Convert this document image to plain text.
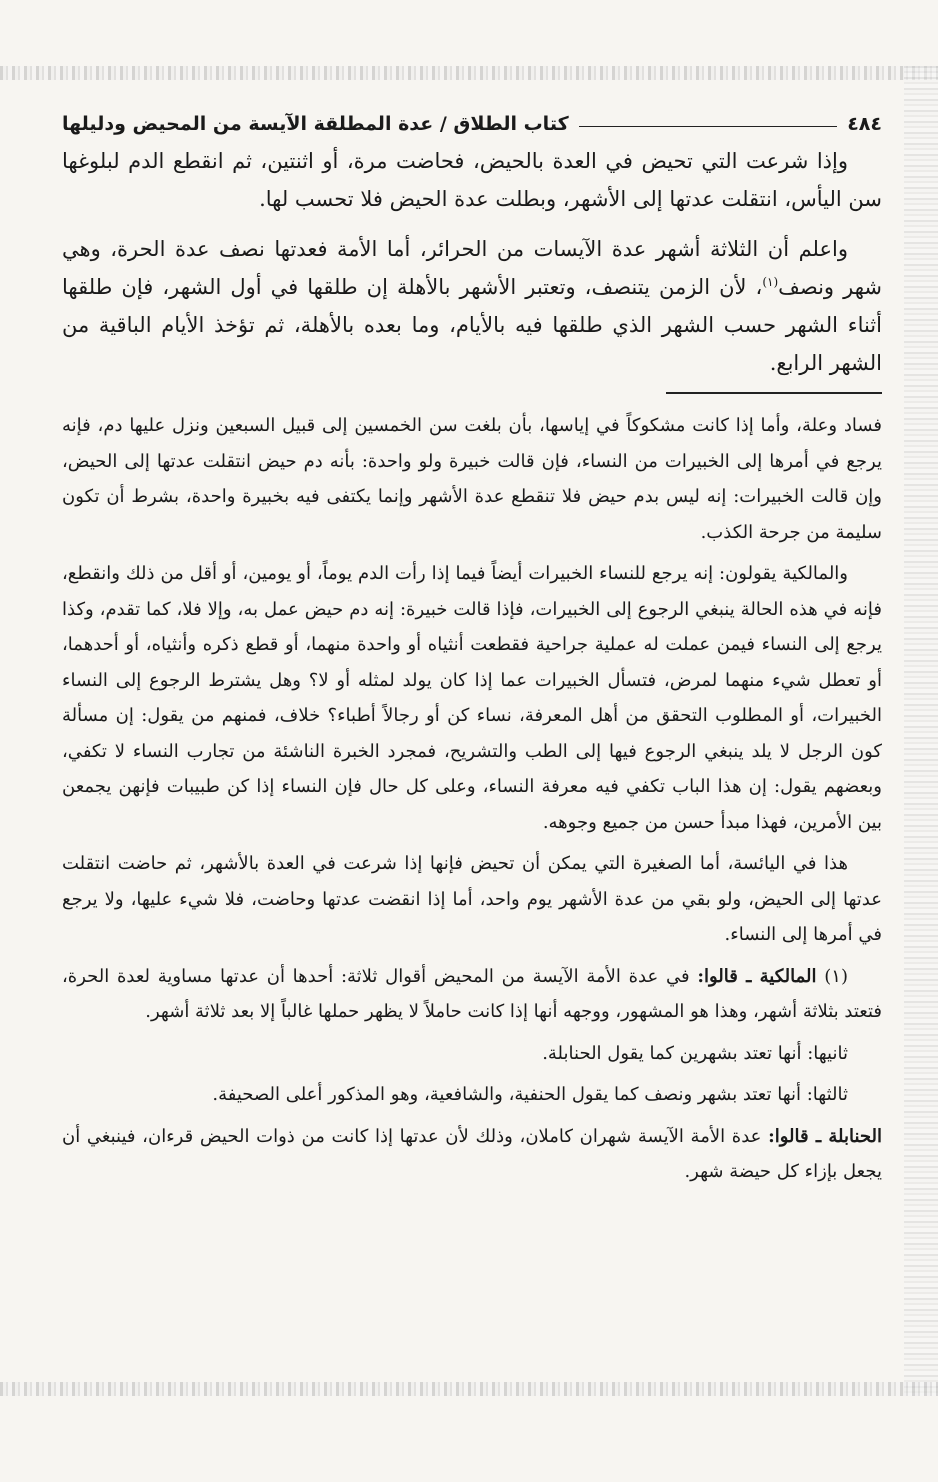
٤٨٤
كتاب الطلاق / عدة المطلقة الآيسة من المحيض ودليلها

وإذا شرعت التي تحيض في العدة بالحيض، فحاضت مرة، أو اثنتين، ثم انقطع الدم لبلوغها سن اليأس، انتقلت عدتها إلى الأشهر، وبطلت عدة الحيض فلا تحسب لها.

واعلم أن الثلاثة أشهر عدة الآيسات من الحرائر، أما الأمة فعدتها نصف عدة الحرة، وهي شهر ونصف$^{(١)}$، لأن الزمن يتنصف، وتعتبر الأشهر بالأهلة إن طلقها في أول الشهر، فإن طلقها أثناء الشهر حسب الشهر الذي طلقها فيه بالأيام، وما بعده بالأهلة، ثم تؤخذ الأيام الباقية من الشهر الرابع.

فساد وعلة، وأما إذا كانت مشكوكاً في إياسها، بأن بلغت سن الخمسين إلى قبيل السبعين ونزل عليها دم، فإنه يرجع في أمرها إلى الخبيرات من النساء، فإن قالت خبيرة ولو واحدة: بأنه دم حيض انتقلت عدتها إلى الحيض، وإن قالت الخبيرات: إنه ليس بدم حيض فلا تنقطع عدة الأشهر وإنما يكتفى فيه بخبيرة واحدة، بشرط أن تكون سليمة من جرحة الكذب.

والمالكية يقولون: إنه يرجع للنساء الخبيرات أيضاً فيما إذا رأت الدم يوماً، أو يومين، أو أقل من ذلك وانقطع، فإنه في هذه الحالة ينبغي الرجوع إلى الخبيرات، فإذا قالت خبيرة: إنه دم حيض عمل به، وإلا فلا، كما تقدم، وكذا يرجع إلى النساء فيمن عملت له عملية جراحية فقطعت أنثياه أو واحدة منهما، أو قطع ذكره وأنثياه، أو أحدهما، أو تعطل شيء منهما لمرض، فتسأل الخبيرات عما إذا كان يولد لمثله أو لا؟ وهل يشترط الرجوع إلى النساء الخبيرات، أو المطلوب التحقق من أهل المعرفة، نساء كن أو رجالاً أطباء؟ خلاف، فمنهم من يقول: إن مسألة كون الرجل لا يلد ينبغي الرجوع فيها إلى الطب والتشريح، فمجرد الخبرة الناشئة من تجارب النساء لا تكفي، وبعضهم يقول: إن هذا الباب تكفي فيه معرفة النساء، وعلى كل حال فإن النساء إذا كن طبيبات فإنهن يجمعن بين الأمرين، فهذا مبدأ حسن من جميع وجوهه.

هذا في اليائسة، أما الصغيرة التي يمكن أن تحيض فإنها إذا شرعت في العدة بالأشهر، ثم حاضت انتقلت عدتها إلى الحيض، ولو بقي من عدة الأشهر يوم واحد، أما إذا انقضت عدتها وحاضت، فلا شيء عليها، ولا يرجع في أمرها إلى النساء.

(١) المالكية ـ قالوا: في عدة الأمة الآيسة من المحيض أقوال ثلاثة: أحدها أن عدتها مساوية لعدة الحرة، فتعتد بثلاثة أشهر، وهذا هو المشهور، ووجهه أنها إذا كانت حاملاً لا يظهر حملها غالباً إلا بعد ثلاثة أشهر.

ثانيها: أنها تعتد بشهرين كما يقول الحنابلة.

ثالثها: أنها تعتد بشهر ونصف كما يقول الحنفية، والشافعية، وهو المذكور أعلى الصحيفة.

الحنابلة ـ قالوا: عدة الأمة الآيسة شهران كاملان، وذلك لأن عدتها إذا كانت من ذوات الحيض قرءان، فينبغي أن يجعل بإزاء كل حيضة شهر.
